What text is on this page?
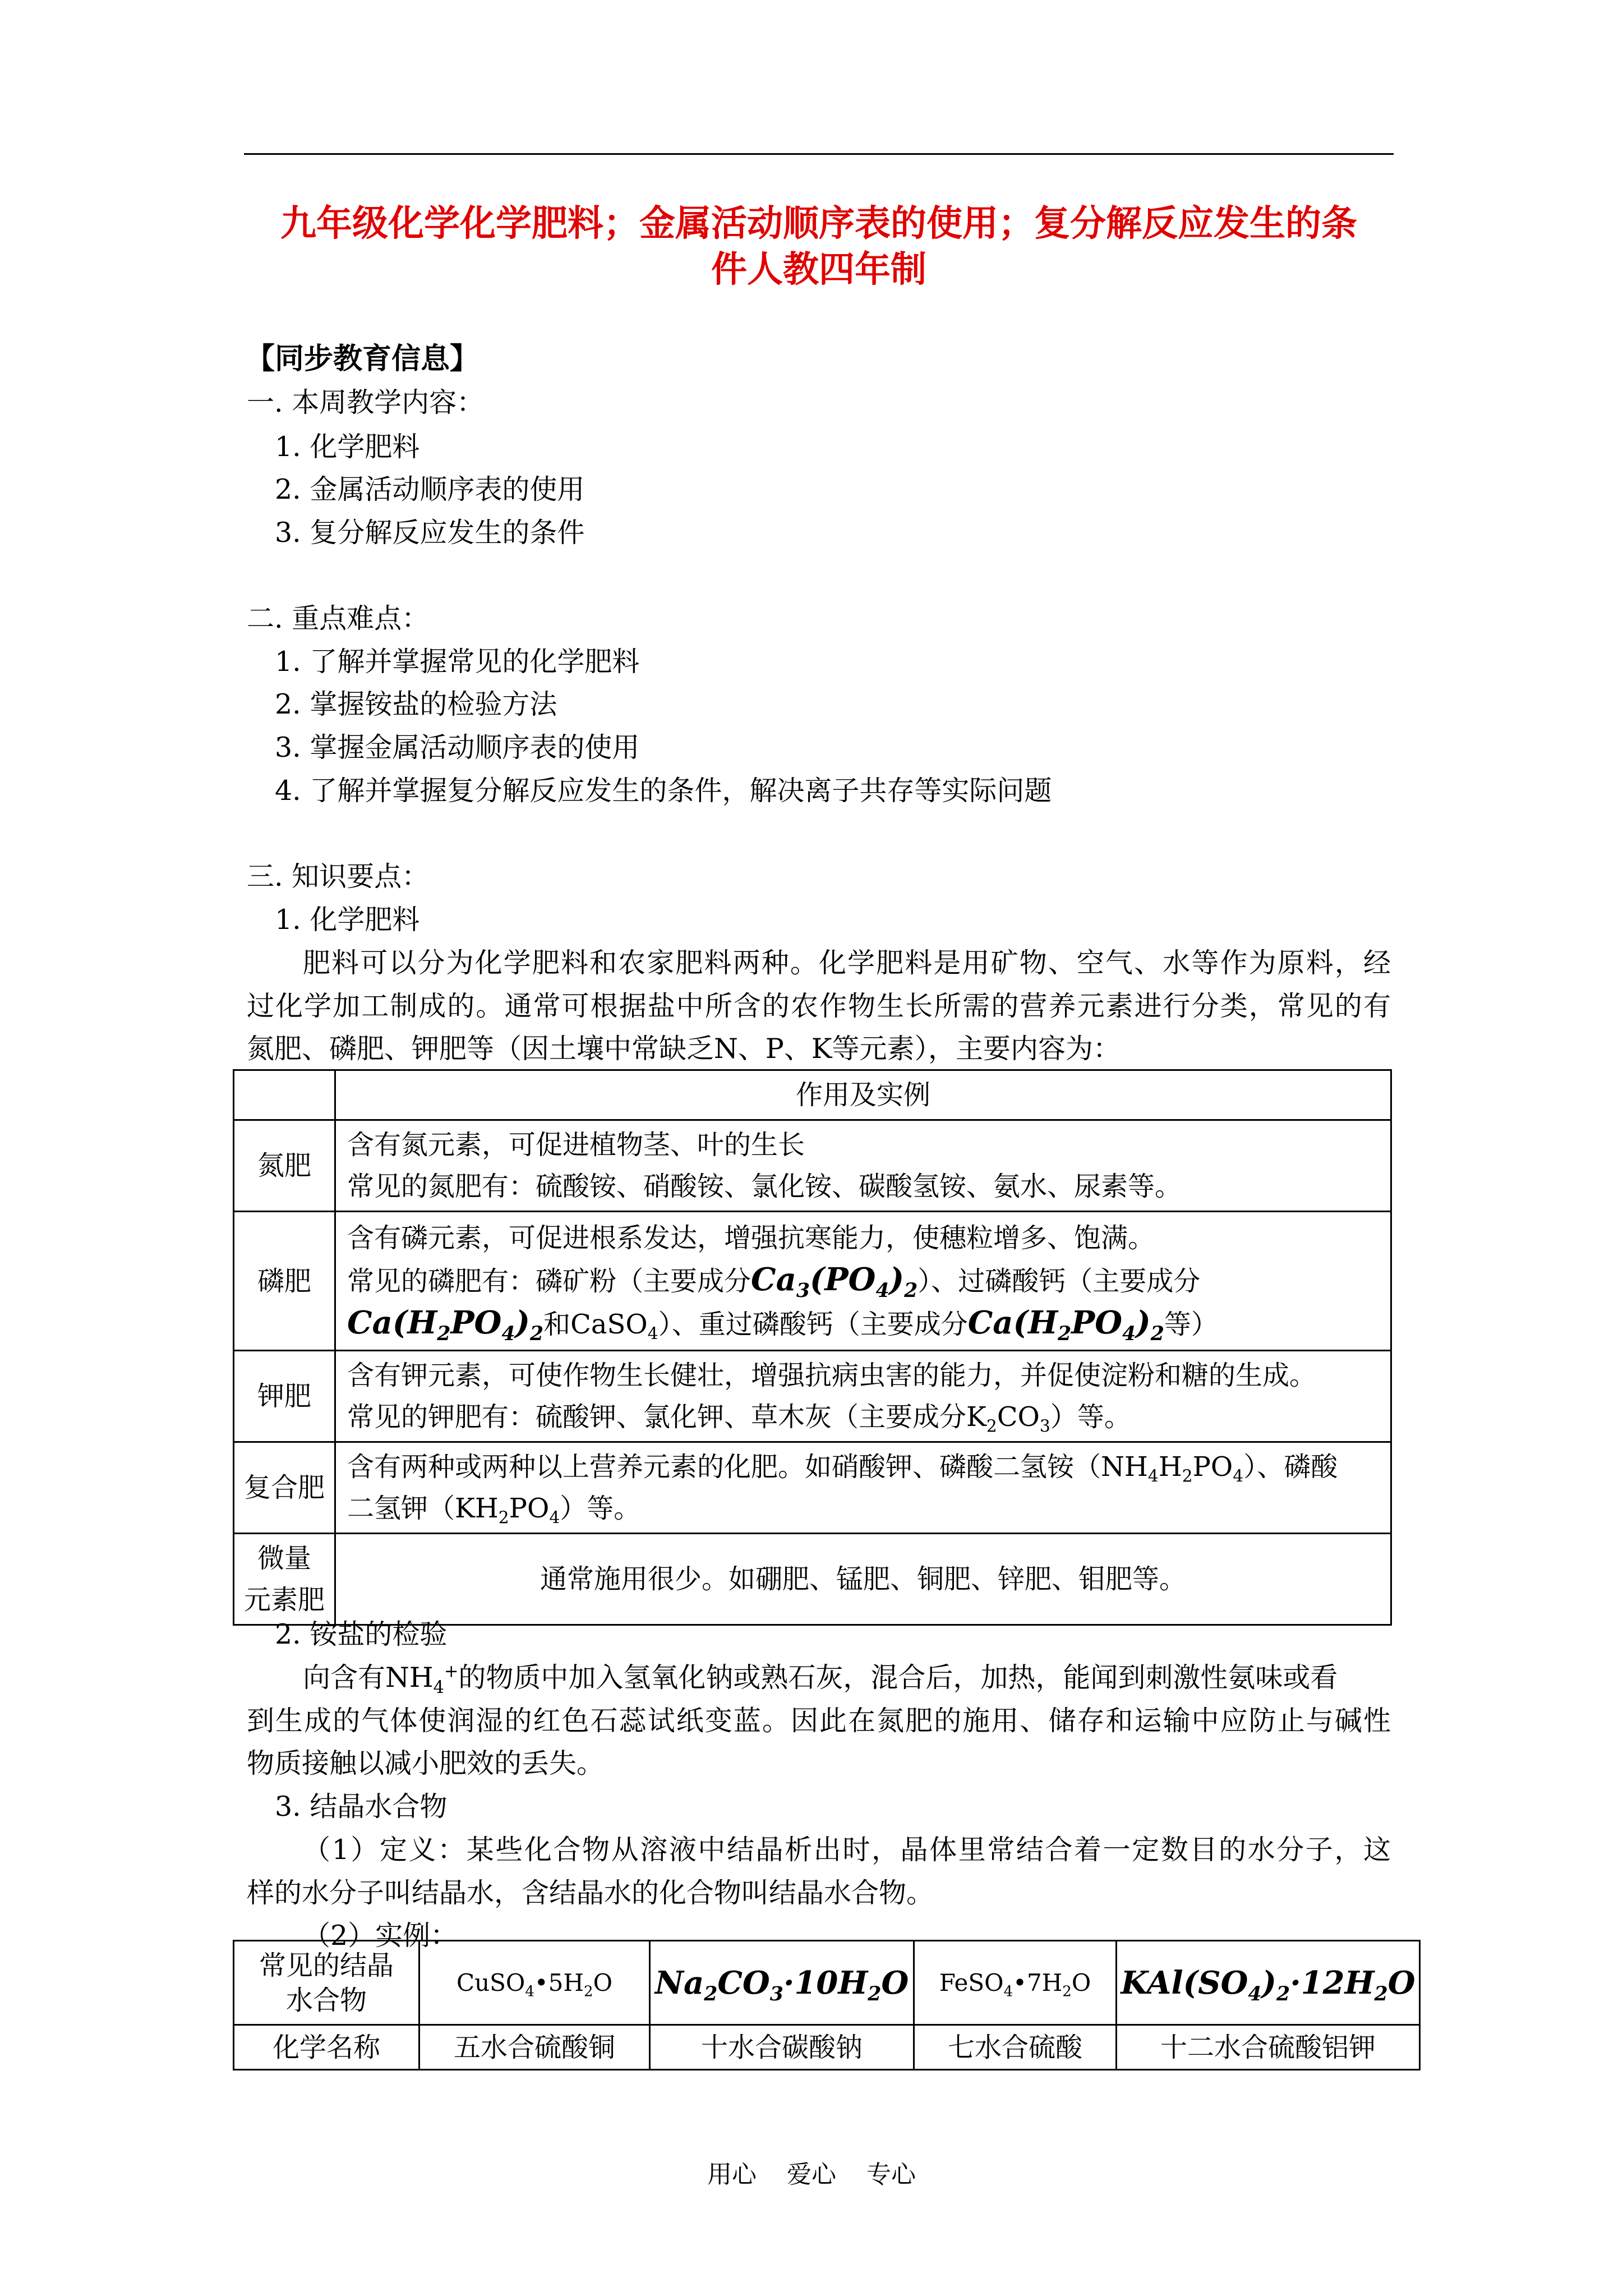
九年级化学化学肥料；金属活动顺序表的使用；复分解反应发生的条
件人教四年制
【同步教育信息】
一. 本周教学内容：
1. 化学肥料
2. 金属活动顺序表的使用
3. 复分解反应发生的条件
二. 重点难点：
1. 了解并掌握常见的化学肥料
2. 掌握铵盐的检验方法
3. 掌握金属活动顺序表的使用
4. 了解并掌握复分解反应发生的条件，解决离子共存等实际问题
三. 知识要点：
1. 化学肥料
肥料可以分为化学肥料和农家肥料两种。化学肥料是用矿物、空气、水等作为原料，经
过化学加工制成的。通常可根据盐中所含的农作物生长所需的营养元素进行分类，常见的有
氮肥、磷肥、钾肥等（因土壤中常缺乏N、P、K等元素），主要内容为：
	作用及实例
氮肥	含有氮元素，可促进植物茎、叶的生长
常见的氮肥有：硫酸铵、硝酸铵、氯化铵、碳酸氢铵、氨水、尿素等。

磷肥	含有磷元素，可促进根系发达，增强抗寒能力，使穗粒增多、饱满。
常见的磷肥有：磷矿粉（主要成分$Ca_3(PO_4)_2$）、过磷酸钙（主要成分
$Ca(H_2PO_4)_2$和CaSO$_4$）、重过磷酸钙（主要成分$Ca(H_2PO_4)_2$等）

钾肥	含有钾元素，可使作物生长健壮，增强抗病虫害的能力，并促使淀粉和糖的生成。
常见的钾肥有：硫酸钾、氯化钾、草木灰（主要成分$K_2CO_3$）等。

复合肥	含有两种或两种以上营养元素的化肥。如硝酸钾、磷酸二氢铵$(NH_4H_2PO_4)$、磷酸
二氢钾$(KH_2PO_4)$等。

微量
元素肥	通常施用很少。如硼肥、锰肥、铜肥、锌肥、钼肥等。
2. 铵盐的检验
向含有$NH_4^+$的物质中加入氢氧化钠或熟石灰，混合后，加热，能闻到刺激性氨味或看
到生成的气体使润湿的红色石蕊试纸变蓝。因此在氮肥的施用、储存和运输中应防止与碱性
物质接触以减小肥效的丢失。
3. 结晶水合物
（1）定义：某些化合物从溶液中结晶析出时，晶体里常结合着一定数目的水分子，这
样的水分子叫结晶水，含结晶水的化合物叫结晶水合物。
（2）实例：
常见的结晶
水合物	$CuSO_4•5H_2O$	$Na_2CO_3\cdot 10H_2O$	$FeSO_4•7H_2O$	$KAl(SO_4)_2\cdot 12H_2O$
化学名称	五水合硫酸铜	十水合碳酸钠	七水合硫酸	十二水合硫酸铝钾
用心 爱心 专心
